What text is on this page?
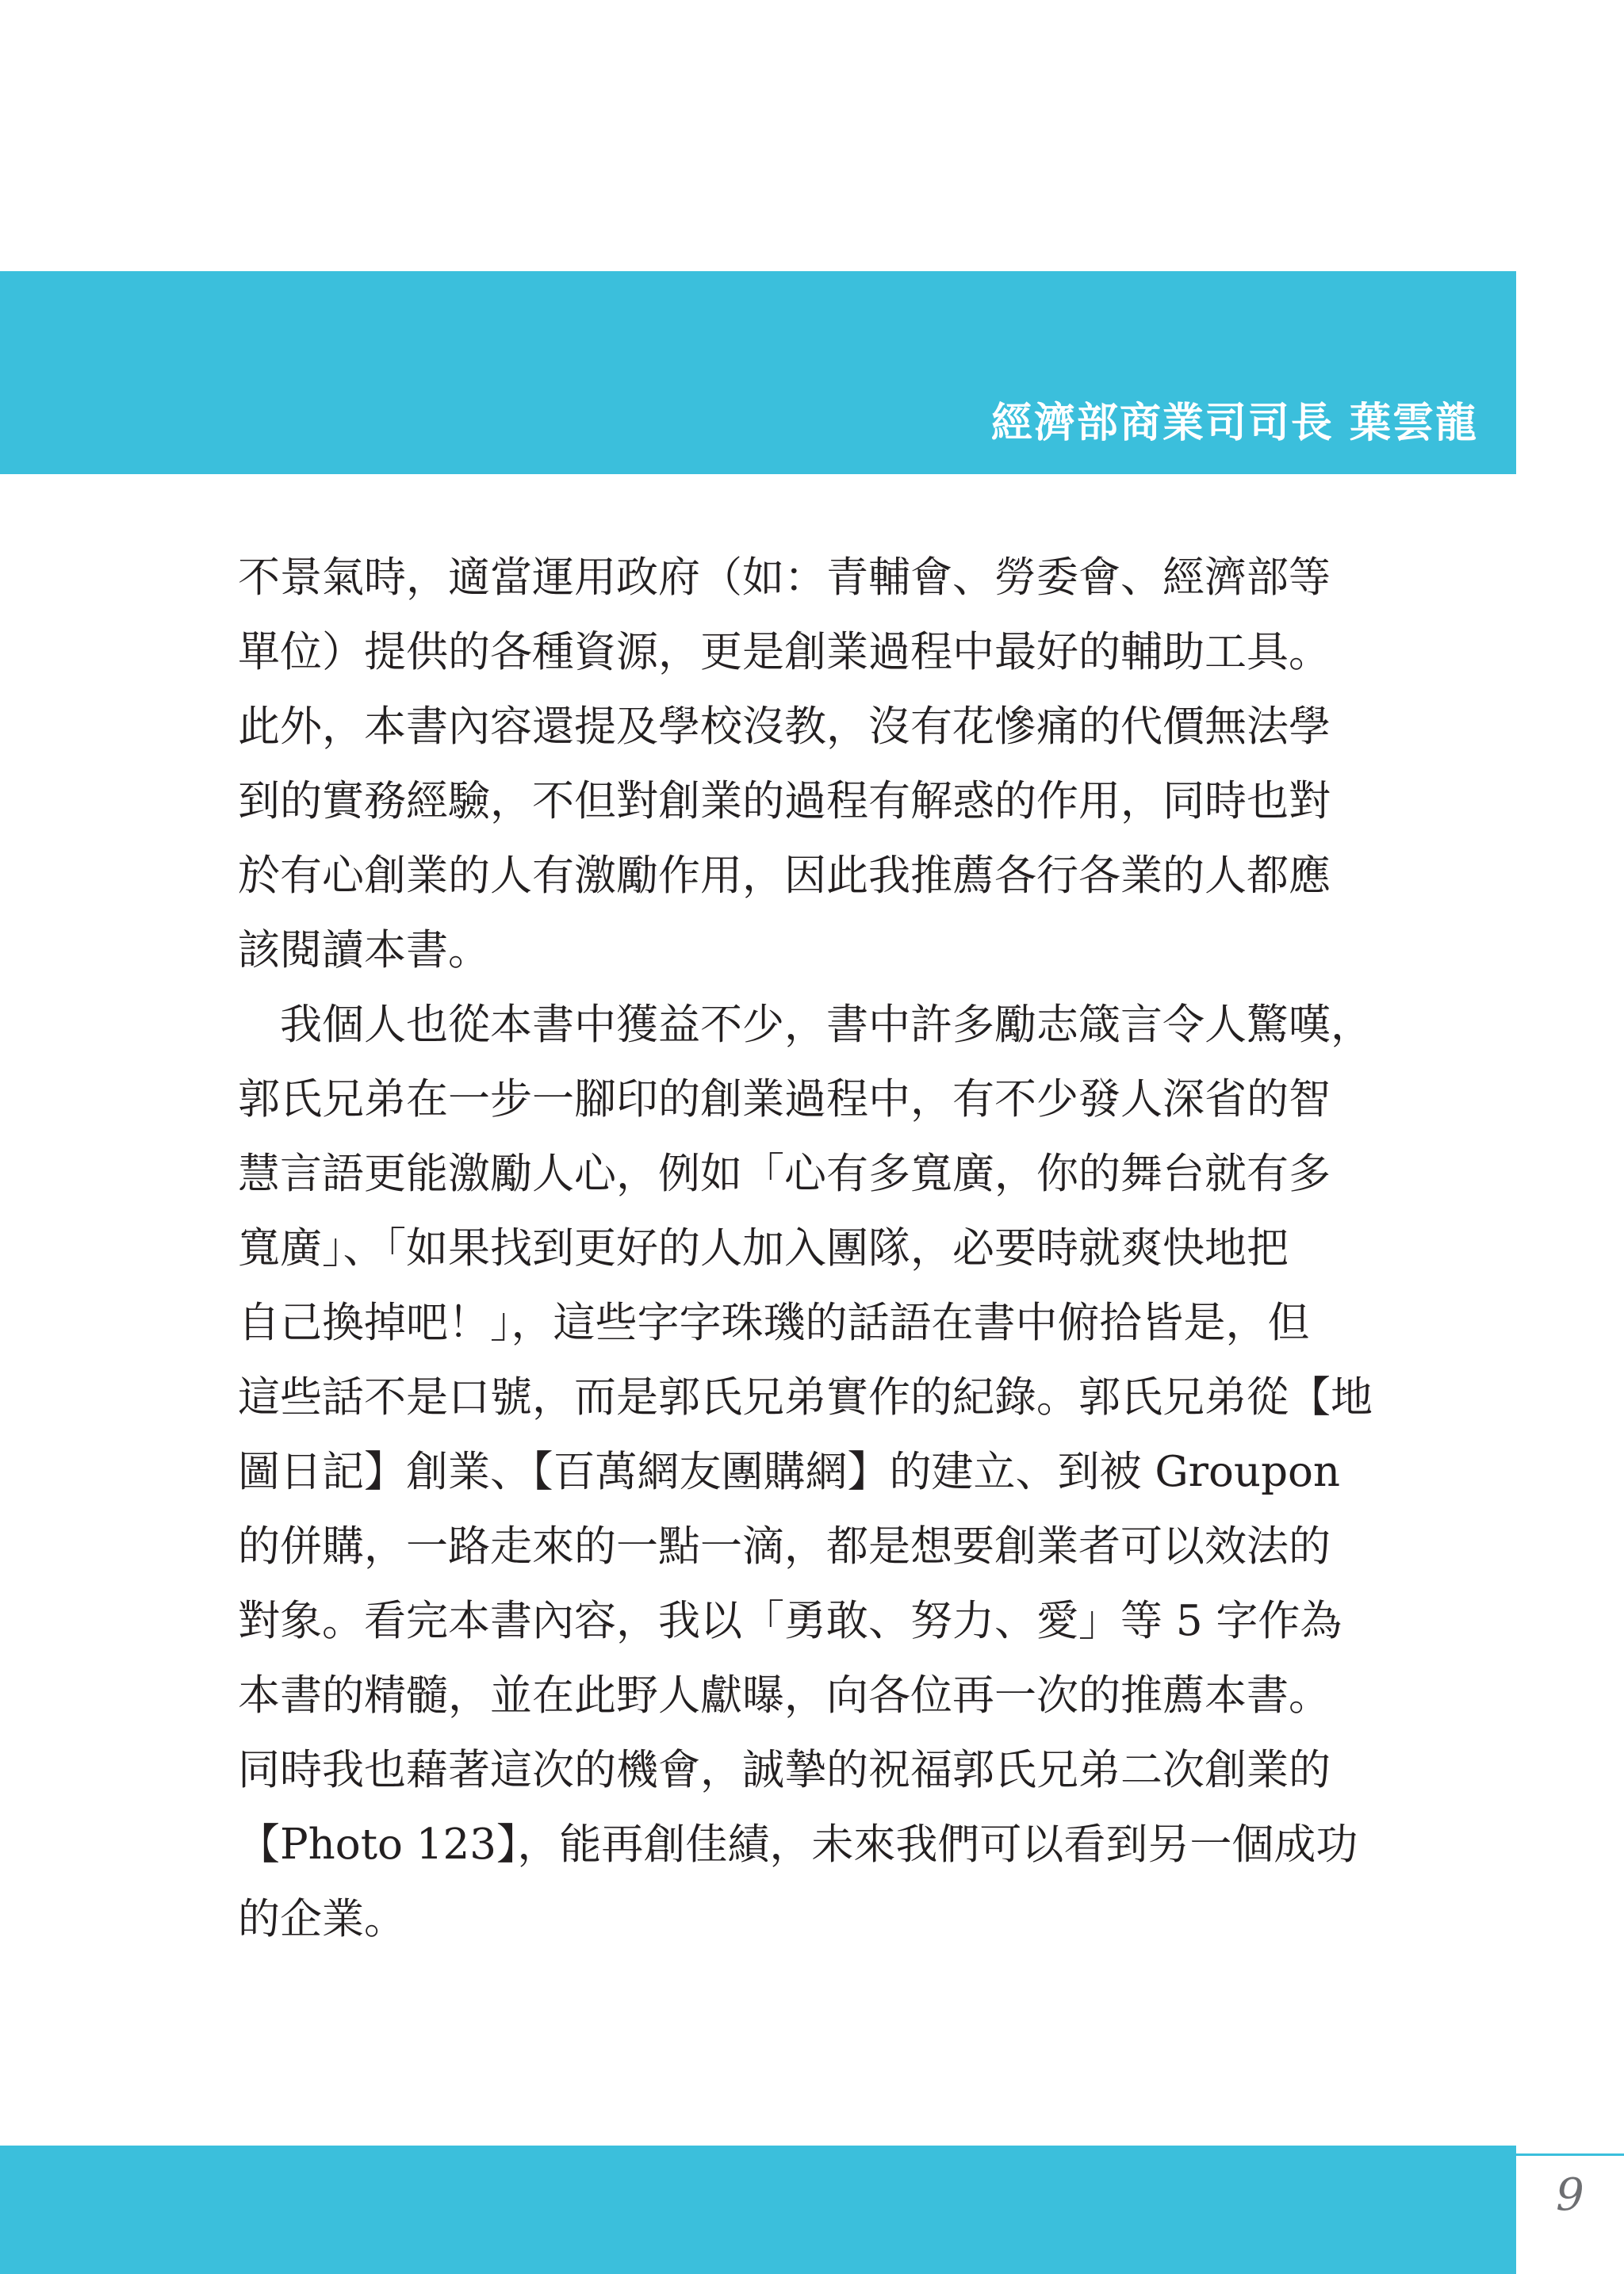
經濟部商業司司長 葉雲龍
不景氣時，適當運用政府（如：青輔會、勞委會、經濟部等
單位）提供的各種資源，更是創業過程中最好的輔助工具。
此外，本書內容還提及學校沒教，沒有花慘痛的代價無法學
到的實務經驗，不但對創業的過程有解惑的作用，同時也對
於有心創業的人有激勵作用，因此我推薦各行各業的人都應
該閱讀本書。
　我個人也從本書中獲益不少，書中許多勵志箴言令人驚嘆，
郭氏兄弟在一步一腳印的創業過程中，有不少發人深省的智
慧言語更能激勵人心，例如「心有多寬廣，你的舞台就有多
寬廣」、「如果找到更好的人加入團隊，必要時就爽快地把
自己換掉吧！」，這些字字珠璣的話語在書中俯拾皆是，但
這些話不是口號，而是郭氏兄弟實作的紀錄。郭氏兄弟從【地
圖日記】創業、【百萬網友團購網】的建立、到被 Groupon
的併購，一路走來的一點一滴，都是想要創業者可以效法的
對象。看完本書內容，我以「勇敢、努力、愛」等 5 字作為
本書的精髓，並在此野人獻曝，向各位再一次的推薦本書。
同時我也藉著這次的機會，誠摯的祝福郭氏兄弟二次創業的
【Photo 123】，能再創佳績，未來我們可以看到另一個成功
的企業。
9
